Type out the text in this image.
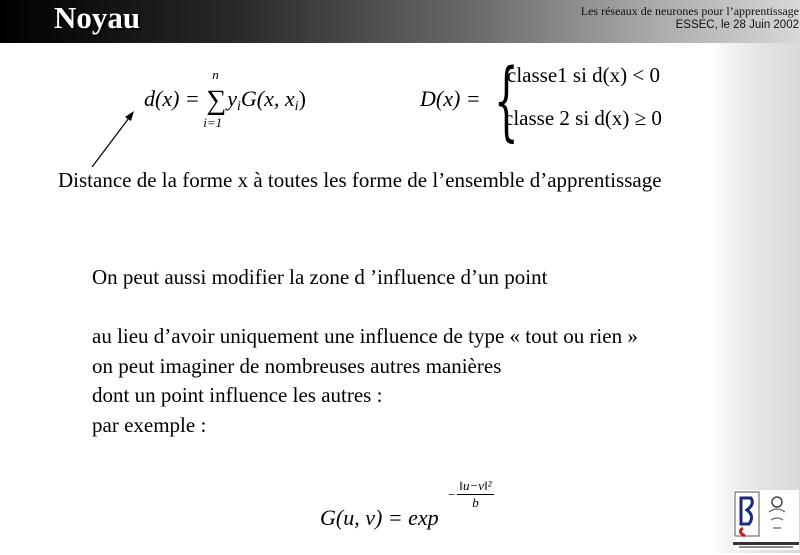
Noyau	Les réseaux de neurones pour l’apprentissage
ESSEC, le 28 Juin 2002
d(x) =
n
∑
i=1
$y_iG(x$, $x_i$)	D(x) = {
classe1 si d(x) < 0
classe 2 si d(x) ≥ 0
Distance de la forme x à toutes les forme de l’ensemble d’apprentissage
On peut aussi modifier la zone d ’influence d’un point
au lieu d’avoir uniquement une influence de type « tout ou rien »
on peut imaginer de nombreuses autres manières
dont un point influence les autres :
par exemple :
G(u, v) = exp
− $\frac{\text{‖u−v‖²}}{b}$
